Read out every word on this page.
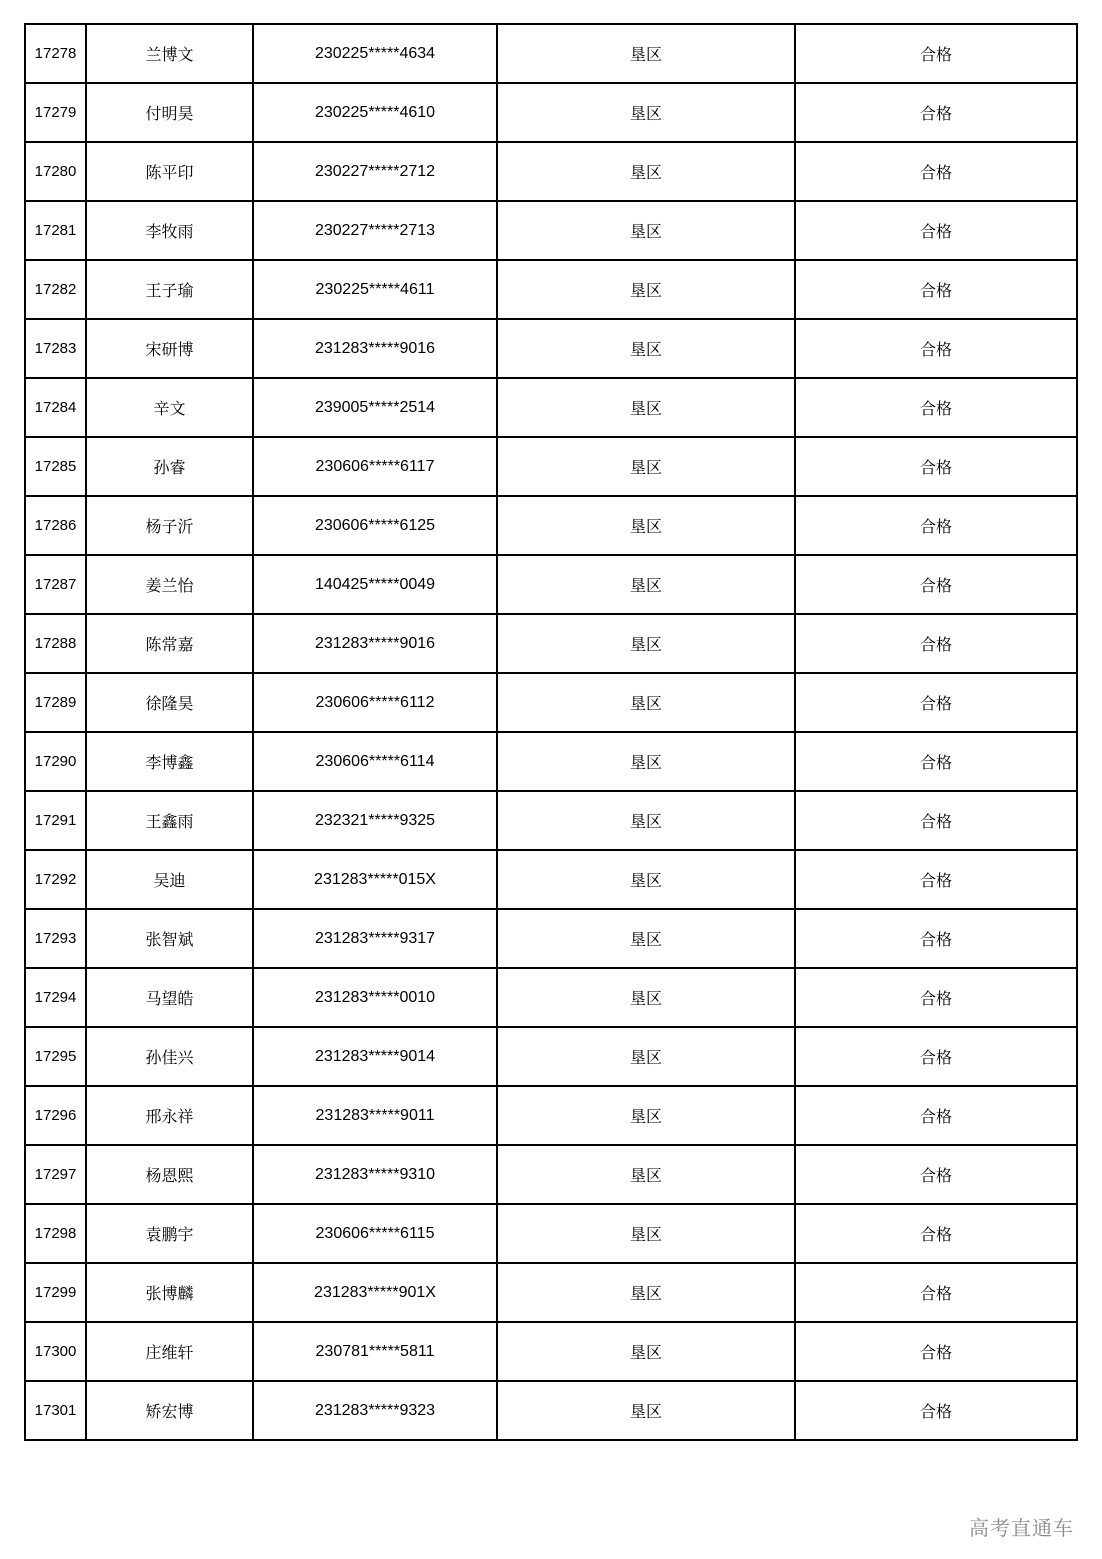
17278	兰博文	230225*****4634	垦区	合格
17279	付明昊	230225*****4610	垦区	合格
17280	陈平印	230227*****2712	垦区	合格
17281	李牧雨	230227*****2713	垦区	合格
17282	王子瑜	230225*****4611	垦区	合格
17283	宋研博	231283*****9016	垦区	合格
17284	辛文	239005*****2514	垦区	合格
17285	孙睿	230606*****6117	垦区	合格
17286	杨子沂	230606*****6125	垦区	合格
17287	姜兰怡	140425*****0049	垦区	合格
17288	陈常嘉	231283*****9016	垦区	合格
17289	徐隆昊	230606*****6112	垦区	合格
17290	李博鑫	230606*****6114	垦区	合格
17291	王鑫雨	232321*****9325	垦区	合格
17292	吴迪	231283*****015X	垦区	合格
17293	张智斌	231283*****9317	垦区	合格
17294	马望皓	231283*****0010	垦区	合格
17295	孙佳兴	231283*****9014	垦区	合格
17296	邢永祥	231283*****9011	垦区	合格
17297	杨恩熙	231283*****9310	垦区	合格
17298	袁鹏宇	230606*****6115	垦区	合格
17299	张博麟	231283*****901X	垦区	合格
17300	庄维轩	230781*****5811	垦区	合格
17301	矫宏博	231283*****9323	垦区	合格
高考直通车
